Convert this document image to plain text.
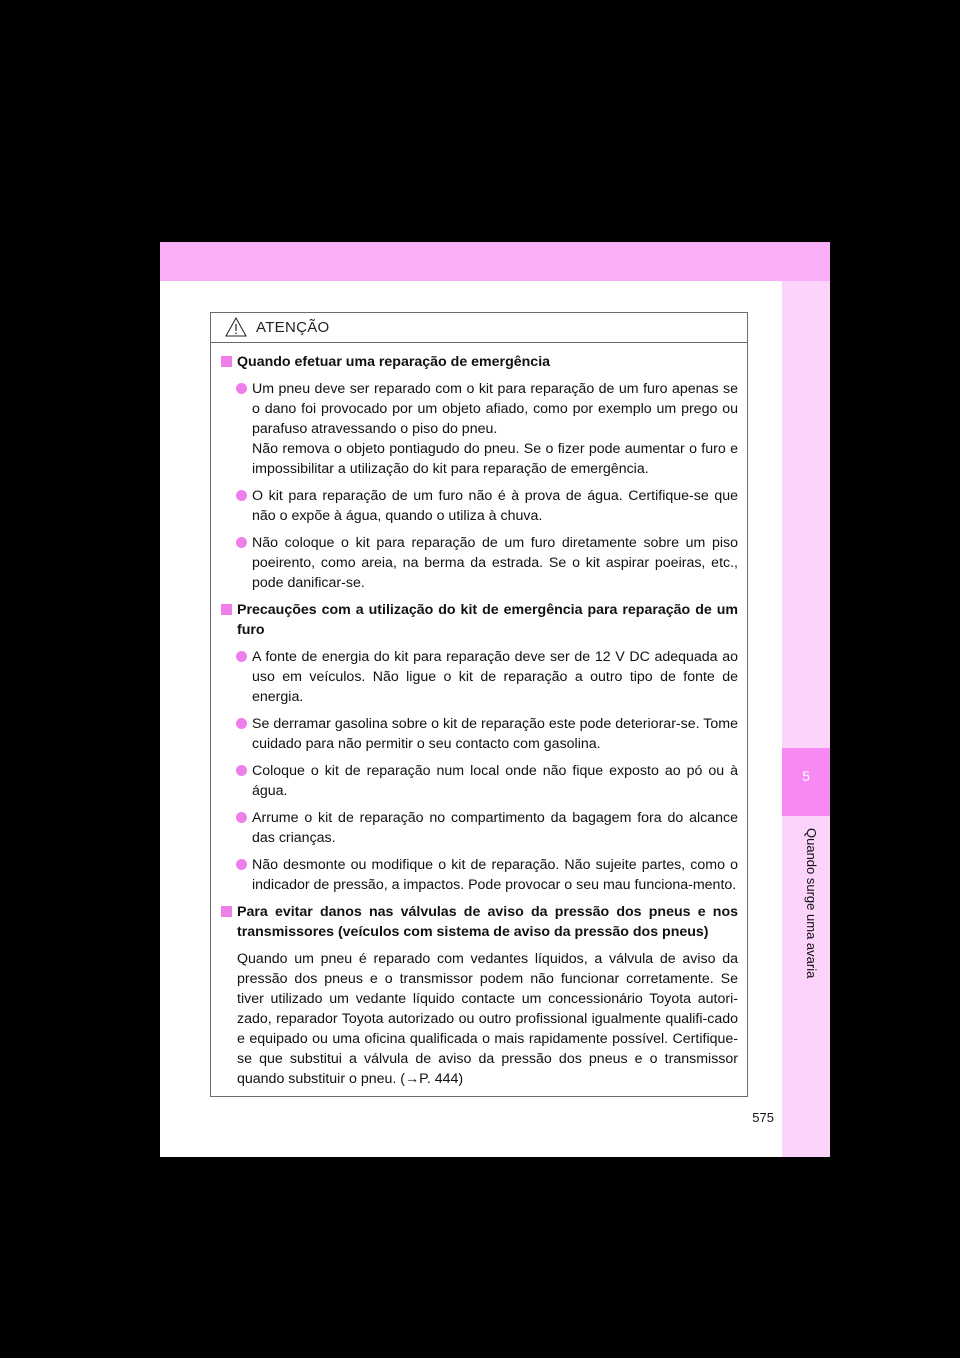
5
Quando surge uma avaria
ATENÇÃO
Quando efetuar uma reparação de emergência
Um pneu deve ser reparado com o kit para reparação de um furo apenas se o dano foi provocado por um objeto afiado, como por exemplo um prego ou parafuso atravessando o piso do pneu.
Não remova o objeto pontiagudo do pneu. Se o fizer pode aumentar o furo e impossibilitar a utilização do kit para reparação de emergência.
O kit para reparação de um furo não é à prova de água. Certifique-se que não o expõe à água, quando o utiliza à chuva.
Não coloque o kit para reparação de um furo diretamente sobre um piso poeirento, como areia, na berma da estrada. Se o kit aspirar poeiras, etc., pode danificar-se.
Precauções com a utilização do kit de emergência para reparação de um furo
A fonte de energia do kit para reparação deve ser de 12 V DC adequada ao uso em veículos. Não ligue o kit de reparação a outro tipo de fonte de energia.
Se derramar gasolina sobre o kit de reparação este pode deteriorar-se. Tome cuidado para não permitir o seu contacto com gasolina.
Coloque o kit de reparação num local onde não fique exposto ao pó ou à água.
Arrume o kit de reparação no compartimento da bagagem fora do alcance das crianças.
Não desmonte ou modifique o kit de reparação. Não sujeite partes, como o indicador de pressão, a impactos. Pode provocar o seu mau funciona-mento.
Para evitar danos nas válvulas de aviso da pressão dos pneus e nos transmissores (veículos com sistema de aviso da pressão dos pneus)
Quando um pneu é reparado com vedantes líquidos, a válvula de aviso da pressão dos pneus e o transmissor podem não funcionar corretamente. Se tiver utilizado um vedante líquido contacte um concessionário Toyota autori-zado, reparador Toyota autorizado ou outro profissional igualmente qualifi-cado e equipado ou uma oficina qualificada o mais rapidamente possível. Certifique-se que substitui a válvula de aviso da pressão dos pneus e o transmissor quando substituir o pneu. (→P. 444)
575
